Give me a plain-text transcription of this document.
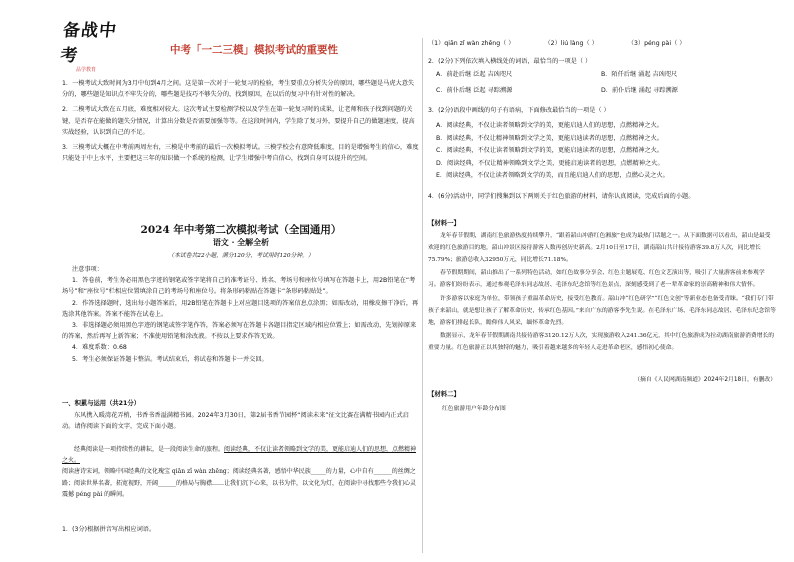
备战中考
品学教育
中考「一二三模」模拟考试的重要性

1．一模考试大致时间为3月中旬到4月之间。这是第一次对于一轮复习的检验，考生要重点分析失分的原因，哪些题是马虎大意失分的，哪些题是知识点不牢失分的，哪些题是技巧不够失分的，找到原因，在以后的复习中有针对性的解决。

2．二模考试大致在五月底，难度相对较大。这次考试主要检测学校以及学生在第一轮复习时的成果，让老师和孩子找到问题的关键，是否存在能做的题失分情况，计算出分数是否需要加强等等。在这段时间内，学生除了复习外，要提升自己的做题速度，提高实战经验，认识到自己的不足。

3．三模考试大概在中考前两周左右，三模是中考前的最后一次模拟考试。三模学校会有意降低难度，目的是增强考生的信心，难度只能处于中上水平，主要把这三年的知识做一个系统的检测，让学生增强中考自信心，找到自身可以提升的空间。

2024 年中考第二次模拟考试（全国通用）
语文 · 全解全析
（本试卷共22小题，满分120分，考试用时120分钟。）
注意事项：
1．答卷前，考生务必用黑色字迹的钢笔或签字笔将自己的准考证号、姓名、考场号和座位号填写在答题卡上，用2B铅笔在“考场号”和“座位号”栏相应位置填涂自己的考场号和座位号。将条形码粘贴在答题卡“条形码粘贴处”。
2．作答选择题时，选出每小题答案后，用2B铅笔在答题卡上对应题目选项的答案信息点涂黑；如需改动，用橡皮擦干净后，再选涂其他答案。答案不能答在试卷上。
3．非选择题必须用黑色字迹的钢笔或签字笔作答，答案必须写在答题卡各题目指定区域内相应位置上；如需改动，先划掉原来的答案，然后再写上新答案；不准使用铅笔和涂改液。不按以上要求作答无效。
4．难度系数：0.68
5．考生必须保证答题卡整洁。考试结束后，将试卷和答题卡一并交回。
一、积累与运用（共21分）
东风携入暖湾花弄梢，书香书香溢满精书园。2024年3月30日，第2届书香节园杯“阅读未来”征文比赛在满精书园内正式启动。请你阅读下面的文字，完成下面小题。
经典阅读是一项持续性的耕耘，是一段阅读生命的旅程。阅读经典，不仅让读者领略到文学的美，更能启迪人们的思想，点燃精神之火。
阅读唐诗宋词，领略中国经典的文化瑰宝 qiān zǐ wàn zhēng；阅读经典名著，感悟中华民族_____的力量，心中自有______的丝绸之路；阅读世界名著，拓宽视野，开阔______的格局与胸襟……让我们沉下心来，以书为伴，以文化为灯，在阅读中寻找那些令我们心灵震撼 péng pài 的瞬间。
1．(3分)根据拼音写出相应词语。
（1）qiān zǐ wàn zhēng（ ）	（2）liú làng（ ）	（3）péng pài（ ）
2．(2分)下列依次填入横线处的词语，最恰当的一项是（ ）
A．前赴后继 泛起 吉凶咫尺	B．陌仟后继 涌起 吉凶咫尺
C．前仆后继 泛起 寻踪溯源	D．前仆后继 涌起 寻踪溯源
3．(2分)语段中画线的句子有语病，下面修改最恰当的一项是（ ）
A．阅读经典，不仅让读者领略到文学的美，更能启迪人们的思想，点燃精神之火。
B．阅读经典，不仅让精神领略到文学之美，更能启迪读者的思想，点燃精神之火。
C．阅读经典，不仅让读者领略到文学的美，更能启迪读者的思想，点燃精神之火。
D．阅读经典，不仅让精神领略到文学之美，更能启迪读者的思想，点燃精神之火。
E．阅读经典，不仅让读者领略到文学的美，而且能启迪人们的思想，点燃心灵之火。
4．(6分)活动中，同学们搜集到以下两则关于红色旅游的材料，请你认真阅读，完成后面的小题。
【材料一】

龙年春节假期，湖南红色旅游热度持续攀升，“跟着韶山冲游红色湘旅”也成为最热门话题之一。从下面数据可以看出，韶山是最受欢迎的红色旅游目的地，韶山冲景区接待游客人数再创历史新高。2月10日至17日，湖南韶山共计接待游客39.8万人次，同比增长75.79%；旅游总收入32950万元，同比增长71.18%。

春节假期期间，韶山推出了一系列特色活动，如红色故事分享会、红色主题展览、红色文艺演出等，吸引了大量游客前来参观学习。游客们纷纷表示，通过参观毛泽东同志故居、毛泽东纪念馆等红色景点，深刻感受到了老一辈革命家的崇高精神和伟大情怀。

许多游客以家庭为单位，带领孩子重温革命历史，接受红色教育。韶山冲“红色研学”“红色文创”等新业态也备受青睐。“我们专门带孩子来韶山，就是想让孩子了解革命历史，传承红色基因。”来自广东的游客李先生说。在毛泽东广场、毛泽东同志故居、毛泽东纪念馆等地，游客们排起长队，瞻仰伟人风采，缅怀革命先烈。

数据显示，龙年春节假期湖南共接待游客3120.12万人次，实现旅游收入241.36亿元，其中红色旅游成为拉动湖南旅游消费增长的重要力量。红色旅游正以其独特的魅力，吸引着越来越多的年轻人走进革命老区，感悟初心使命。

（摘自《人民网湖南频道》2024年2月18日，有删改）
【材料二】
红色旅游用户年龄分布图
